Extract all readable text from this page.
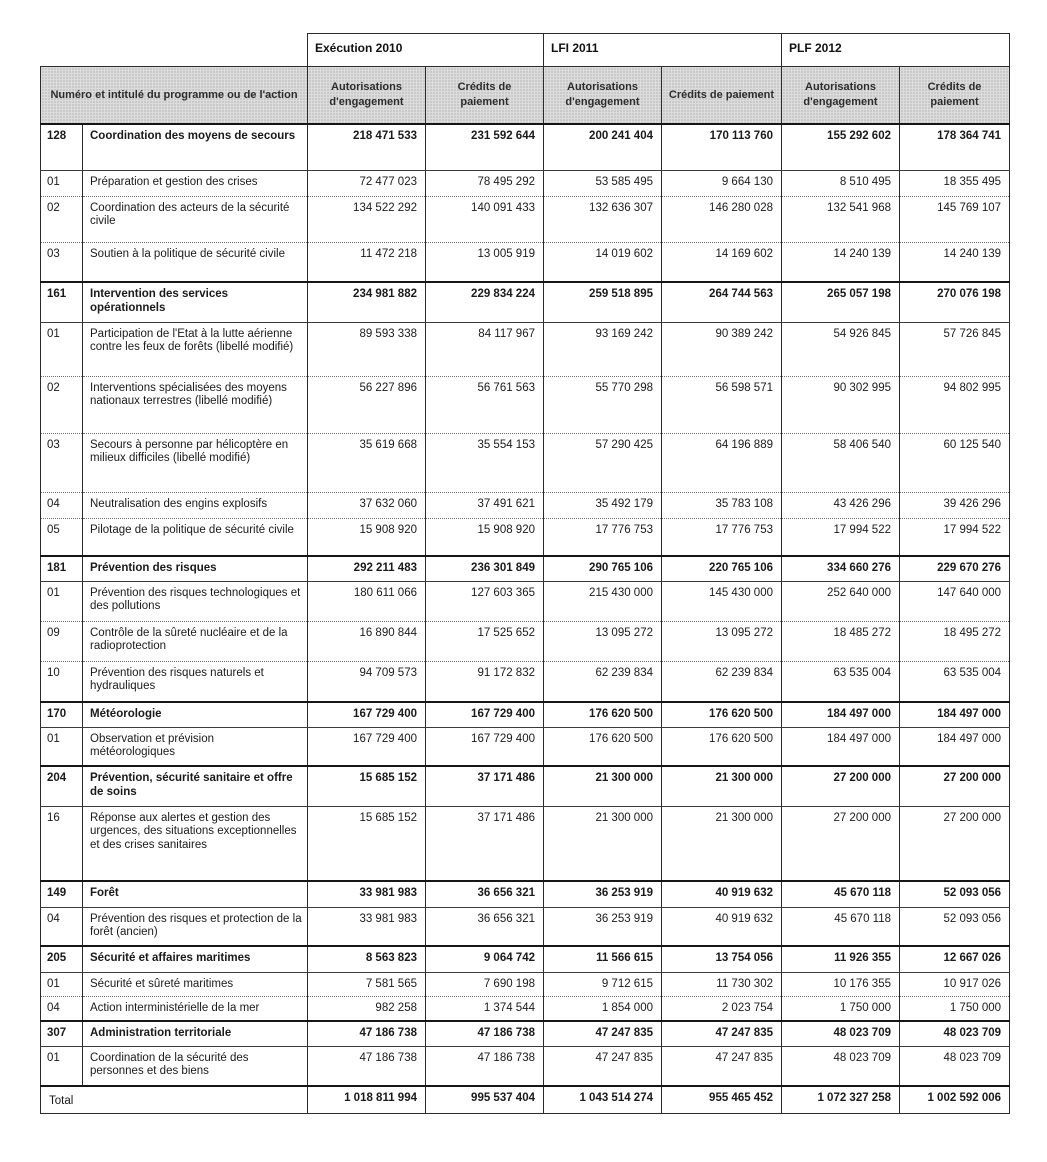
		Exécution 2010		LFI 2011		PLF 2012	
Numéro et intitulé du programme ou de l'action		Autorisations d'engagement	Crédits de paiement	Autorisations d'engagement	Crédits de paiement	Autorisations d'engagement	Crédits de paiement
128	Coordination des moyens de secours	218 471 533	231 592 644	200 241 404	170 113 760	155 292 602	178 364 741
01	Préparation et gestion des crises	72 477 023	78 495 292	53 585 495	9 664 130	8 510 495	18 355 495
02	Coordination des acteurs de la sécurité civile	134 522 292	140 091 433	132 636 307	146 280 028	132 541 968	145 769 107
03	Soutien à la politique de sécurité civile	11 472 218	13 005 919	14 019 602	14 169 602	14 240 139	14 240 139
161	Intervention des services opérationnels	234 981 882	229 834 224	259 518 895	264 744 563	265 057 198	270 076 198
01	Participation de l'Etat à la lutte aérienne contre les feux de forêts (libellé modifié)	89 593 338	84 117 967	93 169 242	90 389 242	54 926 845	57 726 845
02	Interventions spécialisées des moyens nationaux terrestres (libellé modifié)	56 227 896	56 761 563	55 770 298	56 598 571	90 302 995	94 802 995
03	Secours à personne par hélicoptère en milieux difficiles (libellé modifié)	35 619 668	35 554 153	57 290 425	64 196 889	58 406 540	60 125 540
04	Neutralisation des engins explosifs	37 632 060	37 491 621	35 492 179	35 783 108	43 426 296	39 426 296
05	Pilotage de la politique de sécurité civile	15 908 920	15 908 920	17 776 753	17 776 753	17 994 522	17 994 522
181	Prévention des risques	292 211 483	236 301 849	290 765 106	220 765 106	334 660 276	229 670 276
01	Prévention des risques technologiques et des pollutions	180 611 066	127 603 365	215 430 000	145 430 000	252 640 000	147 640 000
09	Contrôle de la sûreté nucléaire et de la radioprotection	16 890 844	17 525 652	13 095 272	13 095 272	18 485 272	18 495 272
10	Prévention des risques naturels et hydrauliques	94 709 573	91 172 832	62 239 834	62 239 834	63 535 004	63 535 004
170	Météorologie	167 729 400	167 729 400	176 620 500	176 620 500	184 497 000	184 497 000
01	Observation et prévision météorologiques	167 729 400	167 729 400	176 620 500	176 620 500	184 497 000	184 497 000
204	Prévention, sécurité sanitaire et offre de soins	15 685 152	37 171 486	21 300 000	21 300 000	27 200 000	27 200 000
16	Réponse aux alertes et gestion des urgences, des situations exceptionnelles et des crises sanitaires	15 685 152	37 171 486	21 300 000	21 300 000	27 200 000	27 200 000
149	Forêt	33 981 983	36 656 321	36 253 919	40 919 632	45 670 118	52 093 056
04	Prévention des risques et protection de la forêt (ancien)	33 981 983	36 656 321	36 253 919	40 919 632	45 670 118	52 093 056
205	Sécurité et affaires maritimes	8 563 823	9 064 742	11 566 615	13 754 056	11 926 355	12 667 026
01	Sécurité et sûreté maritimes	7 581 565	7 690 198	9 712 615	11 730 302	10 176 355	10 917 026
04	Action interministérielle de la mer	982 258	1 374 544	1 854 000	2 023 754	1 750 000	1 750 000
307	Administration territoriale	47 186 738	47 186 738	47 247 835	47 247 835	48 023 709	48 023 709
01	Coordination de la sécurité des personnes et des biens	47 186 738	47 186 738	47 247 835	47 247 835	48 023 709	48 023 709
Total		1 018 811 994	995 537 404	1 043 514 274	955 465 452	1 072 327 258	1 002 592 006
